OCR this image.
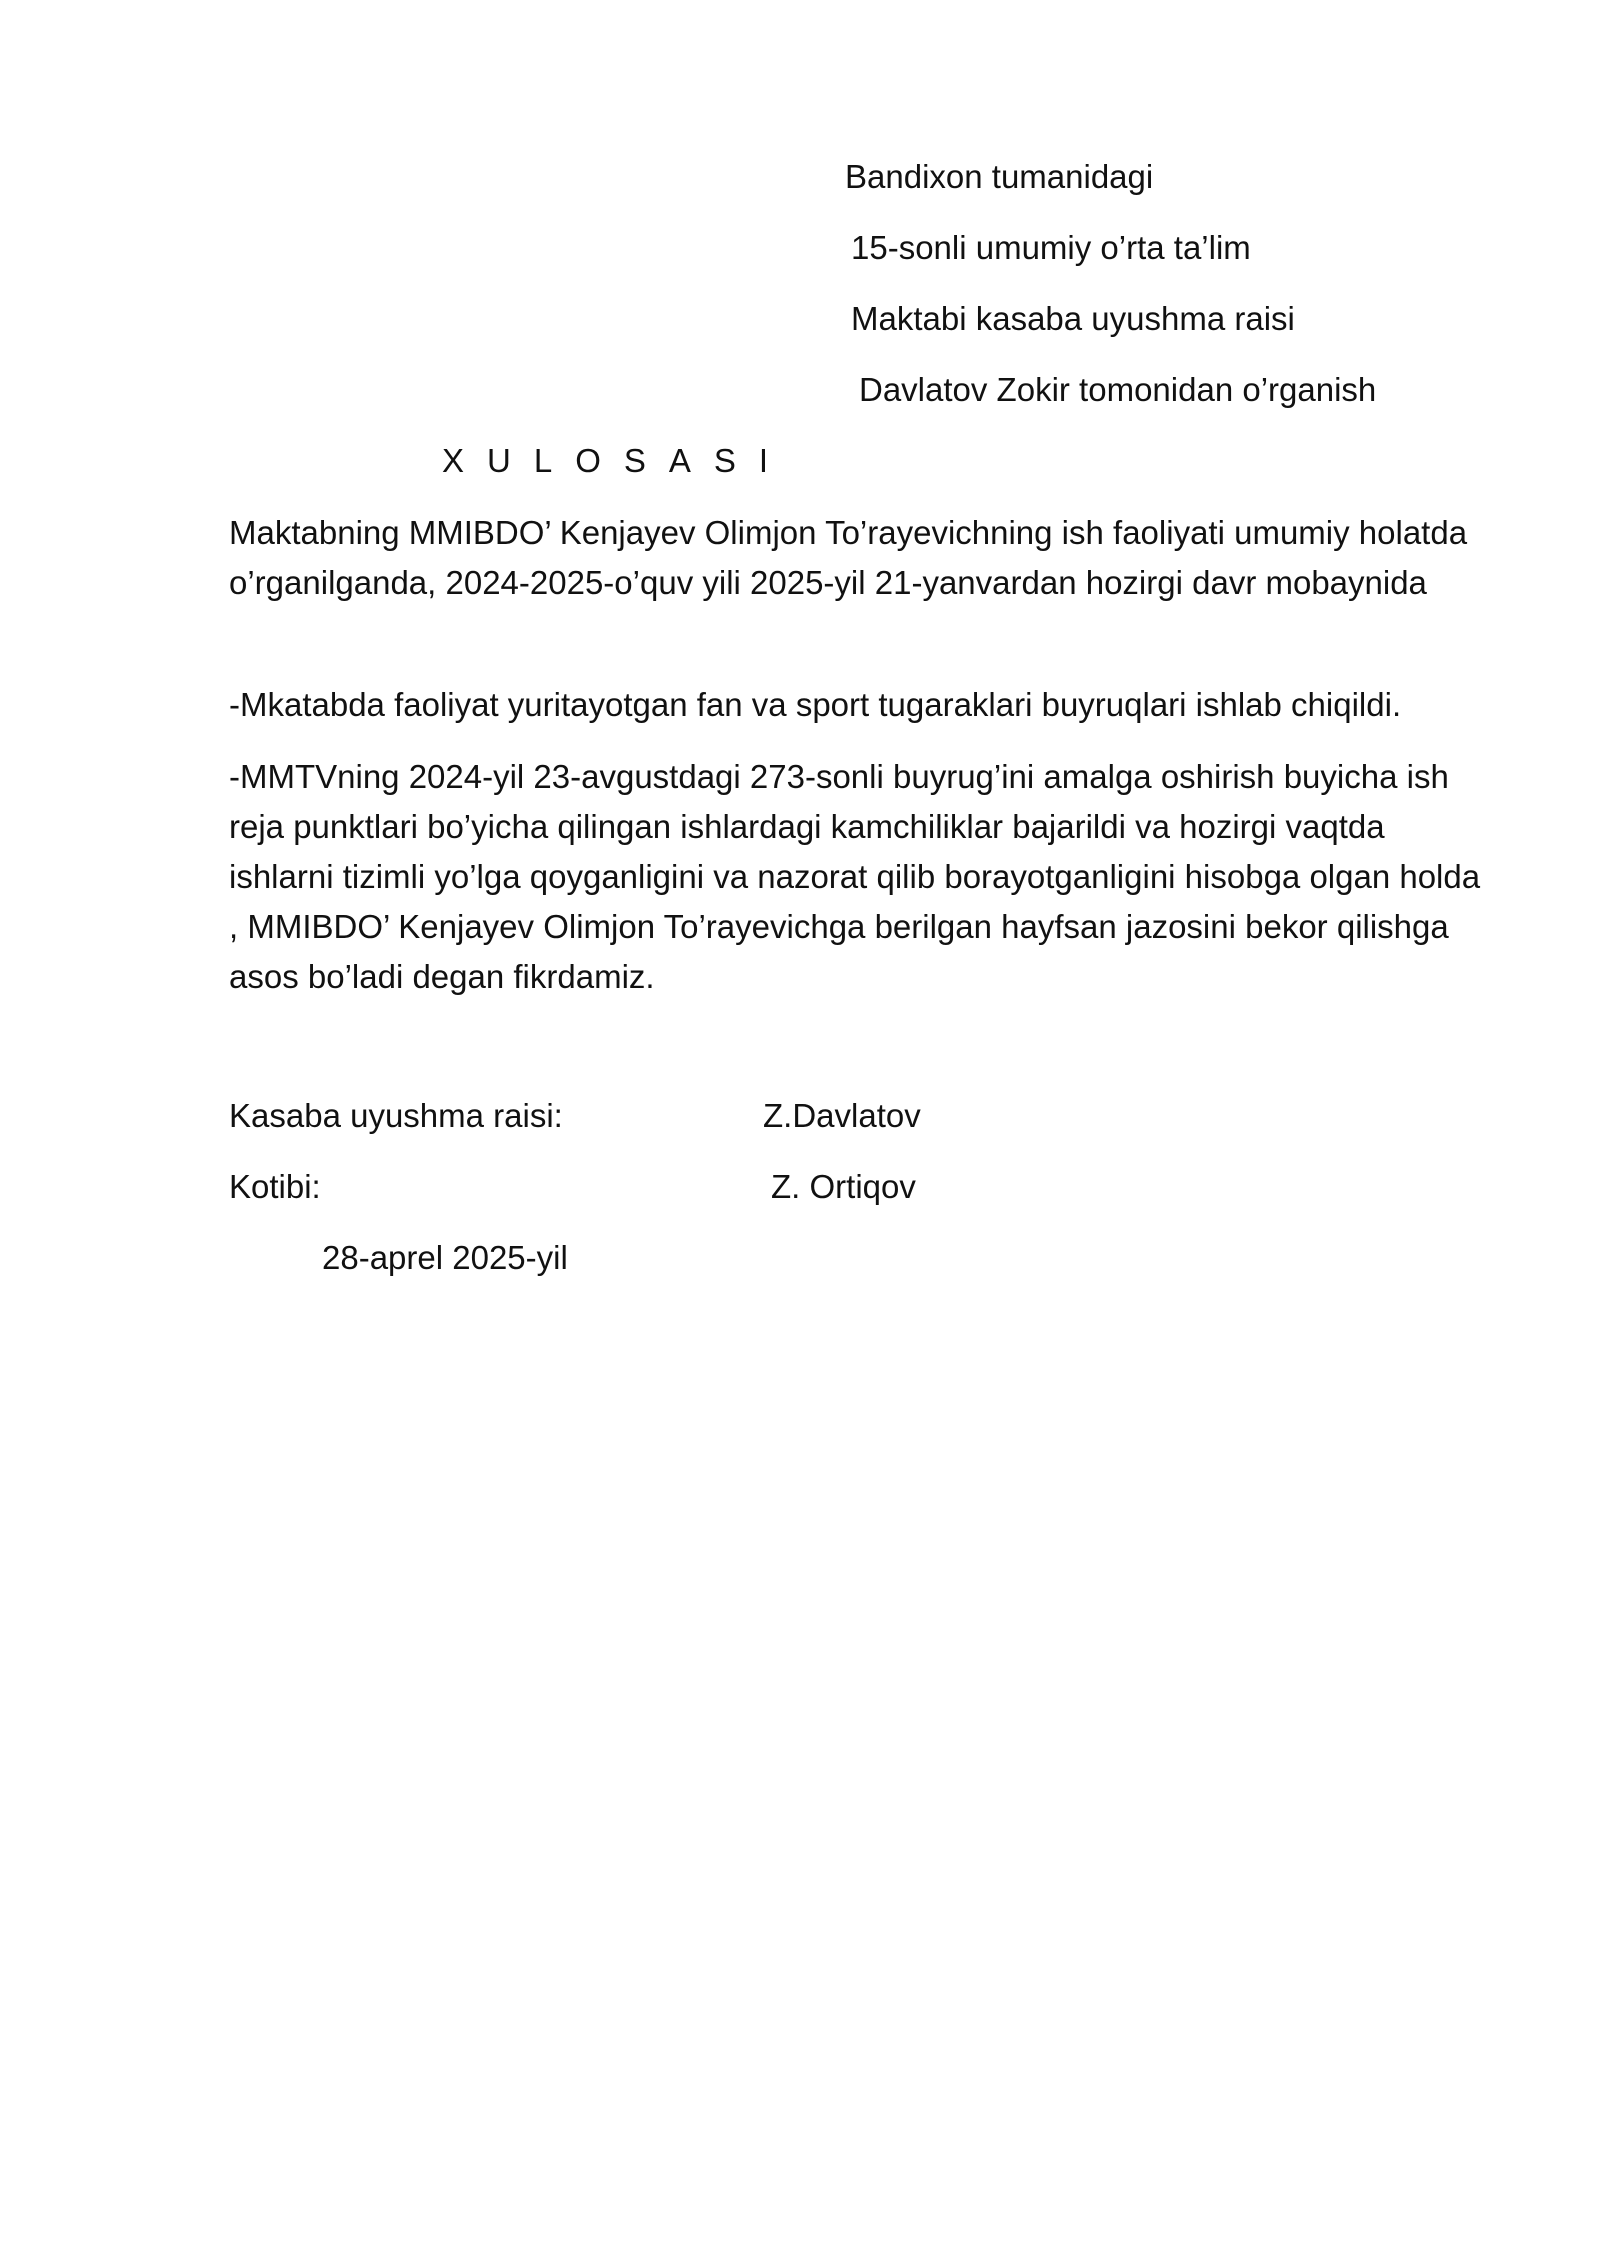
Bandixon tumanidagi
15-sonli umumiy o’rta ta’lim
Maktabi kasaba uyushma raisi
Davlatov Zokir tomonidan o’rganish
XULOSASI

Maktabning MMIBDO’ Kenjayev Olimjon To’rayevichning ish faoliyati umumiy holatda o’rganilganda, 2024-2025-o’quv yili 2025-yil 21-yanvardan hozirgi davr mobaynida

-Mkatabda faoliyat yuritayotgan fan va sport tugaraklari buyruqlari ishlab chiqildi.

-MMTVning 2024-yil 23-avgustdagi 273-sonli buyrug’ini amalga oshirish buyicha ish reja punktlari bo’yicha qilingan ishlardagi kamchiliklar bajarildi va hozirgi vaqtda ishlarni tizimli yo’lga qoyganligini va nazorat qilib borayotganligini hisobga olgan holda , MMIBDO’ Kenjayev Olimjon To’rayevichga berilgan hayfsan jazosini bekor qilishga asos bo’ladi degan fikrdamiz.

Kasaba uyushma raisi:	Z.Davlatov
Kotibi:	Z. Ortiqov
28-aprel 2025-yil
